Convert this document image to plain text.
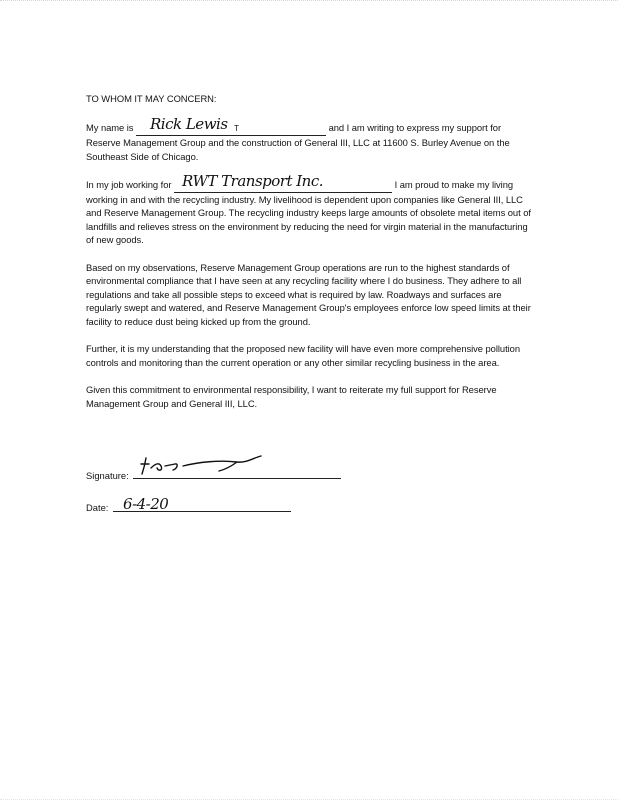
TO WHOM IT MAY CONCERN:

My name is Rick Lewis T	and I am writing to express my support for Reserve Management Group and the construction of General III, LLC at 11600 S. Burley Avenue on the Southeast Side of Chicago.

In my job working for RWT Transport Inc.	I am proud to make my living working in and with the recycling industry. My livelihood is dependent upon companies like General III, LLC and Reserve Management Group. The recycling industry keeps large amounts of obsolete metal items out of landfills and relieves stress on the environment by reducing the need for virgin material in the manufacturing of new goods.

Based on my observations, Reserve Management Group operations are run to the highest standards of environmental compliance that I have seen at any recycling facility where I do business. They adhere to all regulations and take all possible steps to exceed what is required by law. Roadways and surfaces are regularly swept and watered, and Reserve Management Group's employees enforce low speed limits at their facility to reduce dust being kicked up from the ground.

Further, it is my understanding that the proposed new facility will have even more comprehensive pollution controls and monitoring than the current operation or any other similar recycling business in the area.

Given this commitment to environmental responsibility, I want to reiterate my full support for Reserve Management Group and General III, LLC.

Signature:
Date: 6-4-20
